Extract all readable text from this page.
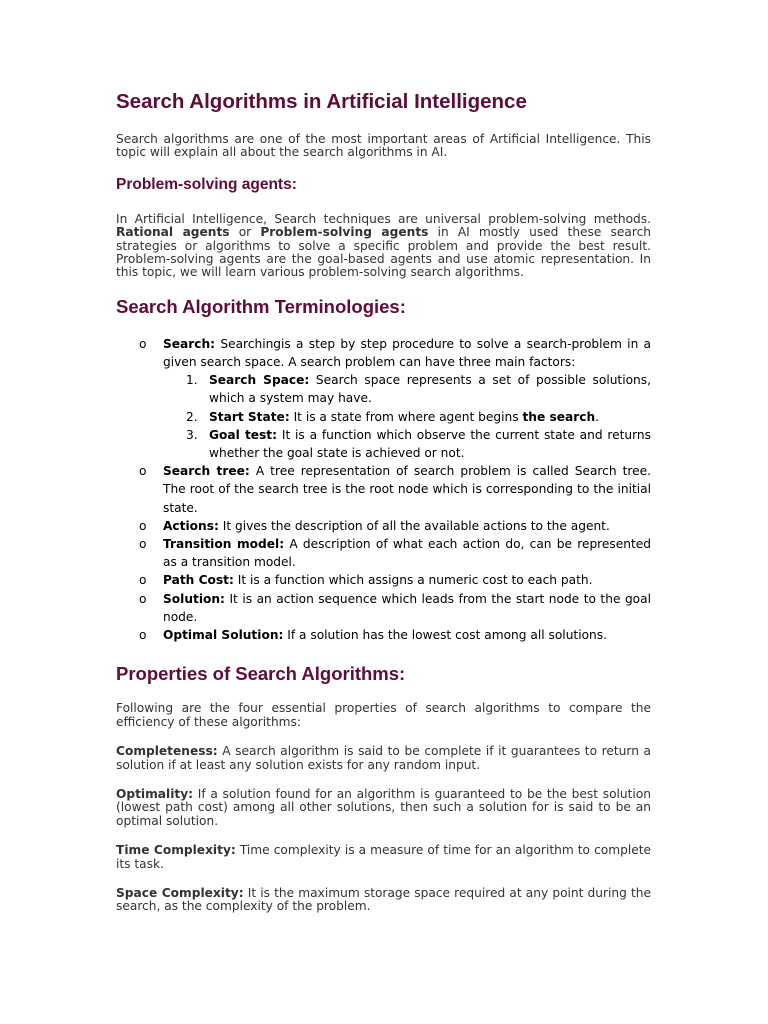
Search Algorithms in Artificial Intelligence

Search algorithms are one of the most important areas of Artificial Intelligence. This topic will explain all about the search algorithms in AI.

Problem-solving agents:

In Artificial Intelligence, Search techniques are universal problem-solving methods. Rational agents or Problem-solving agents in AI mostly used these search strategies or algorithms to solve a specific problem and provide the best result. Problem-solving agents are the goal-based agents and use atomic representation. In this topic, we will learn various problem-solving search algorithms.

Search Algorithm Terminologies:
o Search: Searchingis a step by step procedure to solve a search-problem in a given search space. A search problem can have three main factors:
1. Search Space: Search space represents a set of possible solutions, which a system may have.
2. Start State: It is a state from where agent begins the search.
3. Goal test: It is a function which observe the current state and returns whether the goal state is achieved or not.
o Search tree: A tree representation of search problem is called Search tree. The root of the search tree is the root node which is corresponding to the initial state.
o Actions: It gives the description of all the available actions to the agent.
o Transition model: A description of what each action do, can be represented as a transition model.
o Path Cost: It is a function which assigns a numeric cost to each path.
o Solution: It is an action sequence which leads from the start node to the goal node.
o Optimal Solution: If a solution has the lowest cost among all solutions.
Properties of Search Algorithms:

Following are the four essential properties of search algorithms to compare the efficiency of these algorithms:

Completeness: A search algorithm is said to be complete if it guarantees to return a solution if at least any solution exists for any random input.

Optimality: If a solution found for an algorithm is guaranteed to be the best solution (lowest path cost) among all other solutions, then such a solution for is said to be an optimal solution.

Time Complexity: Time complexity is a measure of time for an algorithm to complete its task.

Space Complexity: It is the maximum storage space required at any point during the search, as the complexity of the problem.
